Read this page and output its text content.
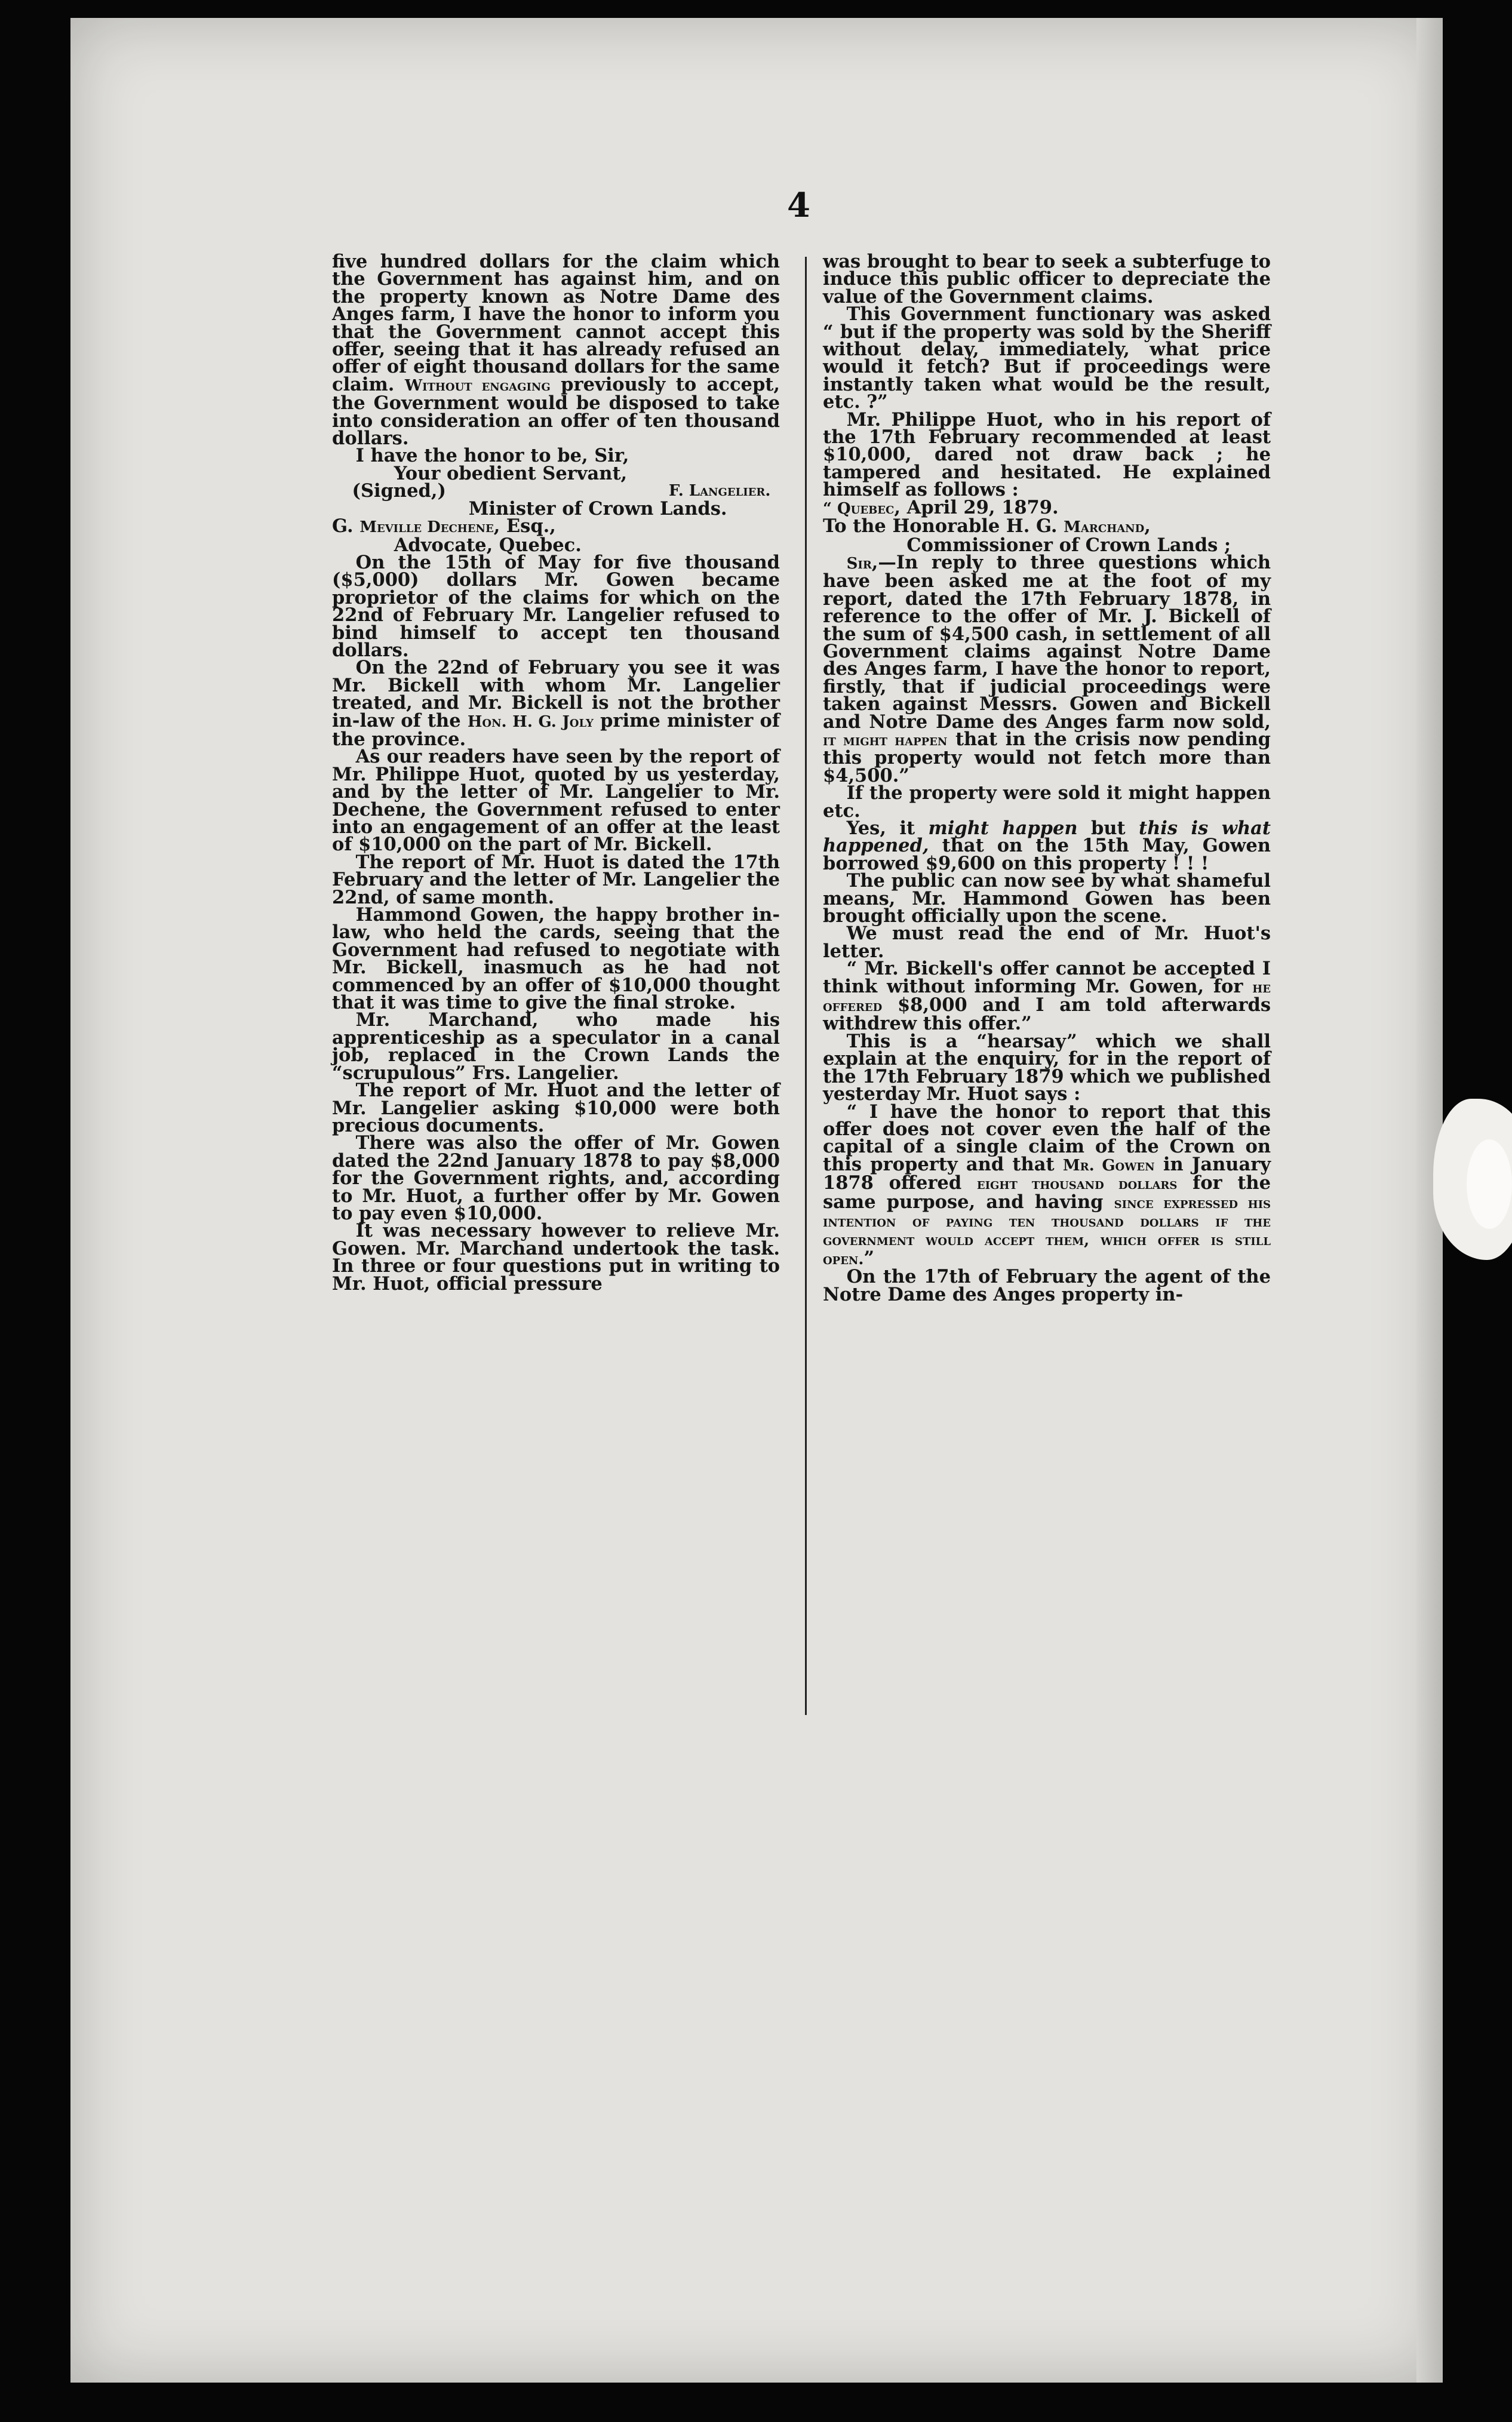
4

five hundred dollars for the claim which the Government has against him, and on the property known as Notre Dame des Anges farm, I have the honor to inform you that the Government cannot accept this offer, seeing that it has already refused an offer of eight thousand dollars for the same claim. Without engaging previously to accept, the Government would be disposed to take into consideration an offer of ten thousand dollars.

I have the honor to be, Sir,

Your obedient Servant,

(Signed,)	F. Langelier.

Minister of Crown Lands.

G. Meville Dechene, Esq.,

Advocate, Quebec.

On the 15th of May for five thousand ($5,000) dollars Mr. Gowen became proprietor of the claims for which on the 22nd of February Mr. Langelier refused to bind himself to accept ten thousand dollars.

On the 22nd of February you see it was Mr. Bickell with whom Mr. Langelier treated, and Mr. Bickell is not the brother in-law of the Hon. H. G. Joly prime minister of the province.

As our readers have seen by the report of Mr. Philippe Huot, quoted by us yesterday, and by the letter of Mr. Langelier to Mr. Dechene, the Government refused to enter into an engagement of an offer at the least of $10,000 on the part of Mr. Bickell.

The report of Mr. Huot is dated the 17th February and the letter of Mr. Langelier the 22nd, of same month.

Hammond Gowen, the happy brother in-law, who held the cards, seeing that the Government had refused to negotiate with Mr. Bickell, inasmuch as he had not commenced by an offer of $10,000 thought that it was time to give the final stroke.

Mr. Marchand, who made his apprenticeship as a speculator in a canal job, replaced in the Crown Lands the “scrupulous” Frs. Langelier.

The report of Mr. Huot and the letter of Mr. Langelier asking $10,000 were both precious documents.

There was also the offer of Mr. Gowen dated the 22nd January 1878 to pay $8,000 for the Government rights, and, according to Mr. Huot, a further offer by Mr. Gowen to pay even $10,000.

It was necessary however to relieve Mr. Gowen. Mr. Marchand undertook the task. In three or four questions put in writing to Mr. Huot, official pressure

was brought to bear to seek a subterfuge to induce this public officer to depreciate the value of the Government claims.

This Government functionary was asked “ but if the property was sold by the Sheriff without delay, immediately, what price would it fetch? But if proceedings were instantly taken what would be the result, etc. ?”

Mr. Philippe Huot, who in his report of the 17th February recommended at least $10,000, dared not draw back ; he tampered and hesitated. He explained himself as follows :

“ Quebec, April 29, 1879.

To the Honorable H. G. Marchand,

Commissioner of Crown Lands ;

Sir,—In reply to three questions which have been asked me at the foot of my report, dated the 17th February 1878, in reference to the offer of Mr. J. Bickell of the sum of $4,500 cash, in settlement of all Government claims against Notre Dame des Anges farm, I have the honor to report, firstly, that if judicial proceedings were taken against Messrs. Gowen and Bickell and Notre Dame des Anges farm now sold, it might happen that in the crisis now pending this property would not fetch more than $4,500.”

If the property were sold it might happen etc.

Yes, it might happen but this is what happened, that on the 15th May, Gowen borrowed $9,600 on this property ! ! !

The public can now see by what shameful means, Mr. Hammond Gowen has been brought officially upon the scene.

We must read the end of Mr. Huot's letter.

“ Mr. Bickell's offer cannot be accepted I think without informing Mr. Gowen, for he offered $8,000 and I am told afterwards withdrew this offer.”

This is a “hearsay” which we shall explain at the enquiry, for in the report of the 17th February 1879 which we published yesterday Mr. Huot says :

“ I have the honor to report that this offer does not cover even the half of the capital of a single claim of the Crown on this property and that Mr. Gowen in January 1878 offered eight thousand dollars for the same purpose, and having since expressed his intention of paying ten thousand dollars if the government would accept them, which offer is still open.”

On the 17th of February the agent of the Notre Dame des Anges property in-
